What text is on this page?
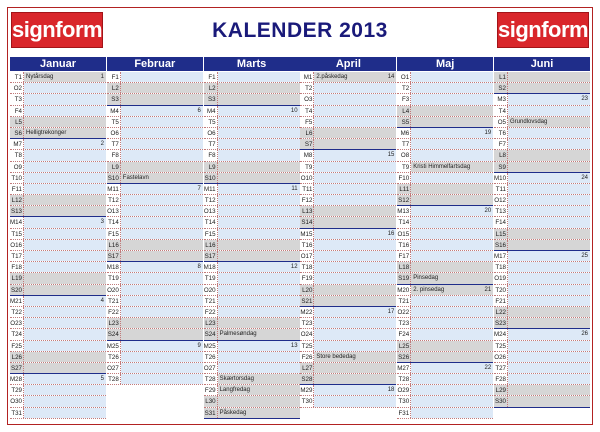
signform	KALENDER 2013	signform
Januar
T1 Nytårsdag	1
O2
T3
F4
L5
S6 Helligtrekonger
M7	2
T8
O9
T10
F11
L12
S13
M14	3
T15
O16
T17
F18
L19
S20
M21	4
T22
O23
T24
F25
L26
S27
M28	5
T29
O30
T31
Februar
F1
L2
S3
M4	6
T5
O6
T7
F8
L9
S10 Fastelavn
M11	7
T12
O13
T14
F15
L16
S17
M18	8
T19
O20
T21
F22
L23
S24
M25	9
T26
O27
T28
Marts
F1
L2
S3
M4	10
T5
O6
T7
F8
L9
S10
M11	11
T12
O13
T14
F15
L16
S17
M18	12
T19
O20
T21
F22
L23
S24 Palmesøndag
M25	13
T26
O27
T28 Skærtorsdag
F29 Langfredag
L30
S31 Påskedag
April
M1 2.påskedag	14
T2
O3
T4
F5
L6
S7
M8	15
T9
O10
T11
F12
L13
S14
M15	16
T16
O17
T18
F19
L20
S21
M22	17
T23
O24
T25
F26 Store bededag
L27
S28
M29	18
T30
Maj
O1
T2
F3
L4
S5
M6	19
T7
O8
T9 Kristi Himmelfartsdag
F10
L11
S12
M13	20
T14
O15
T16
F17
L18
S19 Pinsedag
M20 2. pinsedag	21
T21
O22
T23
F24
L25
S26
M27	22
T28
O29
T30
F31
Juni
L1
S2
M3	23
T4
O5 Grundlovsdag
T6
F7
L8
S9
M10	24
T11
O12
T13
F14
L15
S16
M17	25
T18
O19
T20
F21
L22
S23
M24	26
T25
O26
T27
F28
L29
S30
